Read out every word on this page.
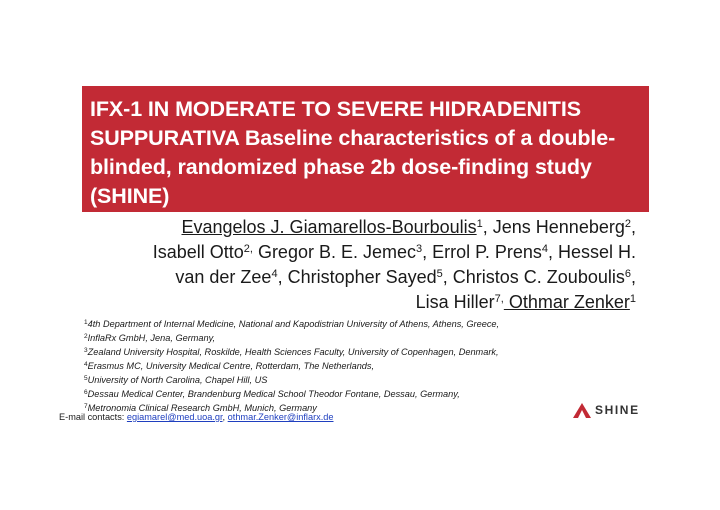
IFX-1 IN MODERATE TO SEVERE HIDRADENITIS SUPPURATIVA Baseline characteristics of a double-blinded, randomized phase 2b dose-finding study (SHINE)
Evangelos J. Giamarellos-Bourboulis$^1$, Jens Henneberg$^2$,
Isabell Otto$^{2,}$ Gregor B. E. Jemec$^3$, Errol P. Prens$^4$, Hessel H.
van der Zee$^4$, Christopher Sayed$^5$, Christos C. Zouboulis$^6$,
Lisa Hiller$^{7,}$ Othmar Zenker$^1$
$^1$4th Department of Internal Medicine, National and Kapodistrian University of Athens, Athens, Greece,
$^2$InflaRx GmbH, Jena, Germany,
$^3$Zealand University Hospital, Roskilde, Health Sciences Faculty, University of Copenhagen, Denmark,
$^4$Erasmus MC, University Medical Centre, Rotterdam, The Netherlands,
$^5$University of North Carolina, Chapel Hill, US
$^6$Dessau Medical Center, Brandenburg Medical School Theodor Fontane, Dessau, Germany,
$^7$Metronomia Clinical Research GmbH, Munich, Germany
E-mail contacts: egiamarel@med.uoa.gr, othmar.Zenker@inflarx.de	SHINE
